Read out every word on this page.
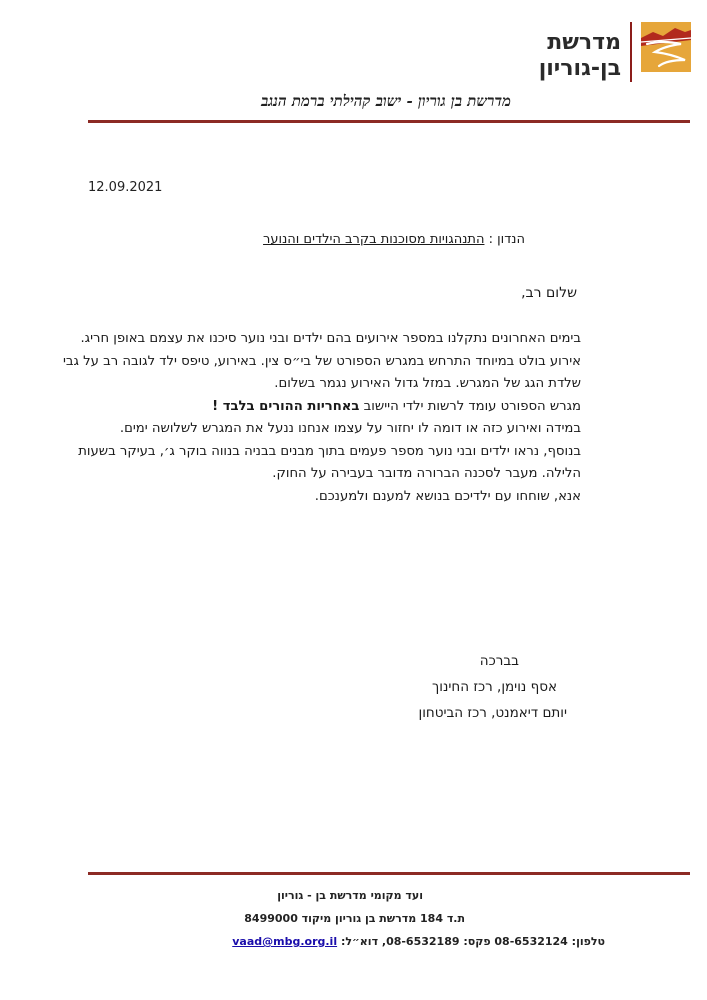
מדרשת
בן-גוריון
מדרשת בן גוריון - ישוב קהילתי ברמת הנגב
12.09.2021
הנדון : התנהגויות מסוכנות בקרב הילדים והנוער
שלום רב,

בימים האחרונים נתקלנו במספר אירועים בהם ילדים ובני נוער סיכנו את עצמם באופן חריג.

אירוע בולט במיוחד התרחש במגרש הספורט של בי״ס צין. באירוע, טיפס ילד לגובה רב על גבי שלדת הגג של המגרש. במזל גדול האירוע נגמר בשלום.

מגרש הספורט עומד לרשות ילדי היישוב באחריות ההורים בלבד !

במידה ואירוע כזה או דומה לו יחזור על עצמו אנחנו ננעל את המגרש לשלושה ימים.

בנוסף, נראו ילדים ובני נוער מספר פעמים בתוך מבנים בבניה בנווה בוקר ג׳, בעיקר בשעות הלילה. מעבר לסכנה הברורה מדובר בעבירה על החוק.

אנא, שוחחו עם ילדיכם בנושא למענם ולמענכם.

בברכה
אסף נוימן, רכז החינוך
יותם דיאמנט, רכז הביטחון
ועד מקומי מדרשת בן - גוריון
ת.ד 184 מדרשת בן גוריון מיקוד 8499000
טלפון: 08-6532124 פקס: 08-6532189, דוא״ל: vaad@mbg.org.il
